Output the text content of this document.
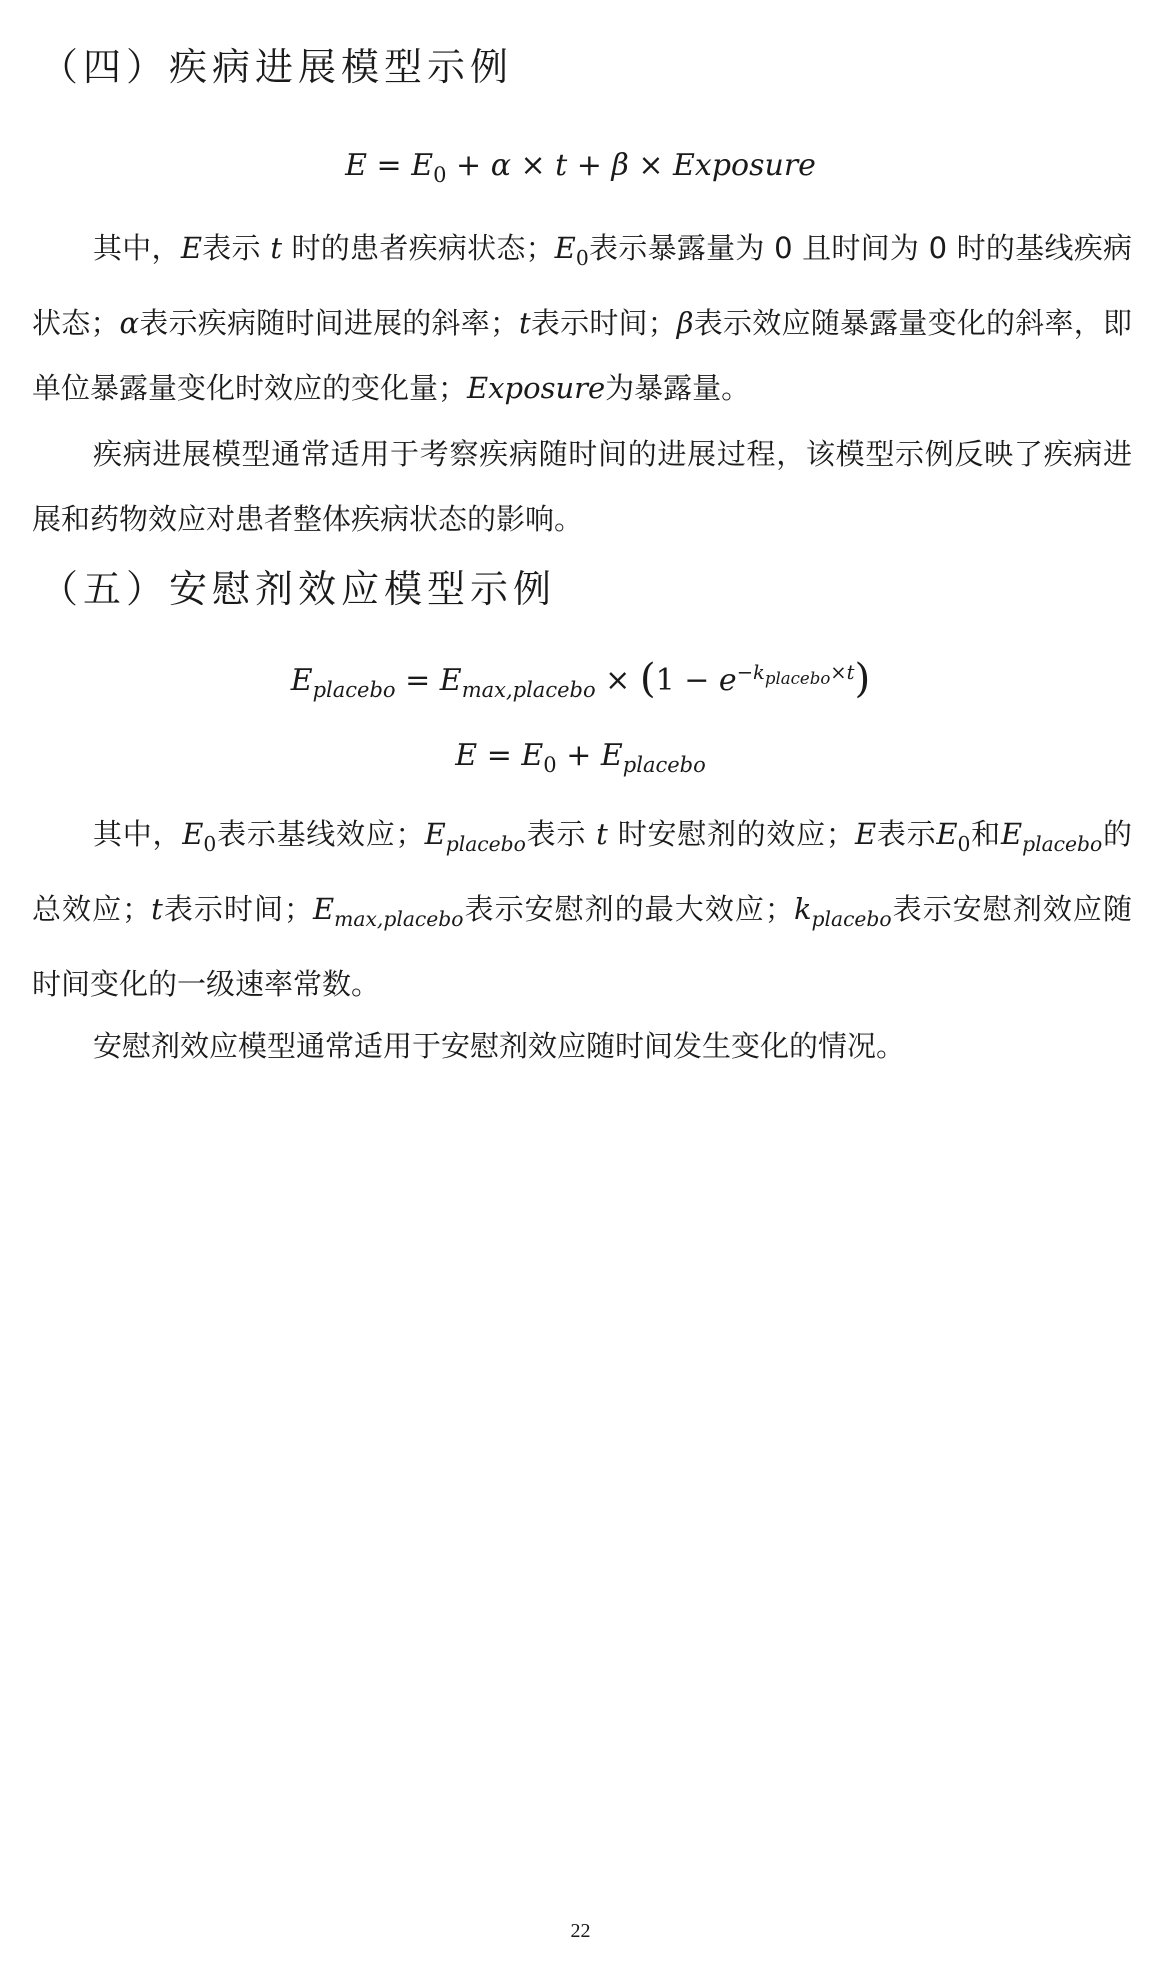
（四）疾病进展模型示例
$E = E_0 + \alpha \times t + \beta$ × Exposure

其中，E表示 t 时的患者疾病状态；$E_0$表示暴露量为 0 且时间为 0 时的基线疾病状态；α表示疾病随时间进展的斜率；t表示时间；β表示效应随暴露量变化的斜率，即单位暴露量变化时效应的变化量；Exposure为暴露量。

疾病进展模型通常适用于考察疾病随时间的进展过程，该模型示例反映了疾病进展和药物效应对患者整体疾病状态的影响。

（五）安慰剂效应模型示例
$E_{placebo} = E_{max,placebo} \times (1 - e^{-k_{placebo}\times t})$
$E = E_0 + E_{placebo}$

其中，$E_0$表示基线效应；$E_{placebo}$表示 t 时安慰剂的效应；E表示$E_0$和$E_{placebo}$的总效应；t表示时间；$E_{max,placebo}$表示安慰剂的最大效应；$k_{placebo}$表示安慰剂效应随时间变化的一级速率常数。

安慰剂效应模型通常适用于安慰剂效应随时间发生变化的情况。

22
